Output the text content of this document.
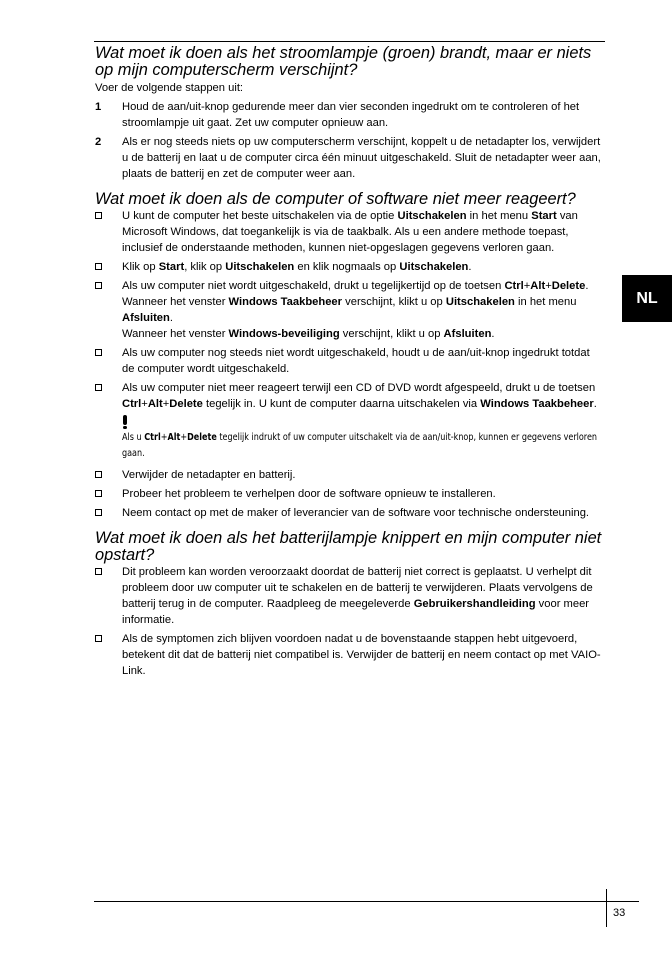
Wat moet ik doen als het stroomlampje (groen) brandt, maar er niets op mijn computerscherm verschijnt?

Voer de volgende stappen uit:

1 Houd de aan/uit-knop gedurende meer dan vier seconden ingedrukt om te controleren of het stroomlampje uit gaat. Zet uw computer opnieuw aan.
2 Als er nog steeds niets op uw computerscherm verschijnt, koppelt u de netadapter los, verwijdert u de batterij en laat u de computer circa één minuut uitgeschakeld. Sluit de netadapter weer aan, plaats de batterij en zet de computer weer aan.
Wat moet ik doen als de computer of software niet meer reageert?
U kunt de computer het beste uitschakelen via de optie Uitschakelen in het menu Start van Microsoft Windows, dat toegankelijk is via de taakbalk. Als u een andere methode toepast, inclusief de onderstaande methoden, kunnen niet-opgeslagen gegevens verloren gaan.
Klik op Start, klik op Uitschakelen en klik nogmaals op Uitschakelen.
Als uw computer niet wordt uitgeschakeld, drukt u tegelijkertijd op de toetsen Ctrl+Alt+Delete. Wanneer het venster Windows Taakbeheer verschijnt, klikt u op Uitschakelen in het menu Afsluiten.
Wanneer het venster Windows-beveiliging verschijnt, klikt u op Afsluiten.
Als uw computer nog steeds niet wordt uitgeschakeld, houdt u de aan/uit-knop ingedrukt totdat de computer wordt uitgeschakeld.
Als uw computer niet meer reageert terwijl een CD of DVD wordt afgespeeld, drukt u de toetsen Ctrl+Alt+Delete tegelijk in. U kunt de computer daarna uitschakelen via Windows Taakbeheer.
Als u Ctrl+Alt+Delete tegelijk indrukt of uw computer uitschakelt via de aan/uit-knop, kunnen er gegevens verloren gaan.
Verwijder de netadapter en batterij.
Probeer het probleem te verhelpen door de software opnieuw te installeren.
Neem contact op met de maker of leverancier van de software voor technische ondersteuning.
Wat moet ik doen als het batterijlampje knippert en mijn computer niet opstart?
Dit probleem kan worden veroorzaakt doordat de batterij niet correct is geplaatst. U verhelpt dit probleem door uw computer uit te schakelen en de batterij te verwijderen. Plaats vervolgens de batterij terug in de computer. Raadpleeg de meegeleverde Gebruikershandleiding voor meer informatie.
Als de symptomen zich blijven voordoen nadat u de bovenstaande stappen hebt uitgevoerd, betekent dit dat de batterij niet compatibel is. Verwijder de batterij en neem contact op met VAIO-Link.
NL
33
